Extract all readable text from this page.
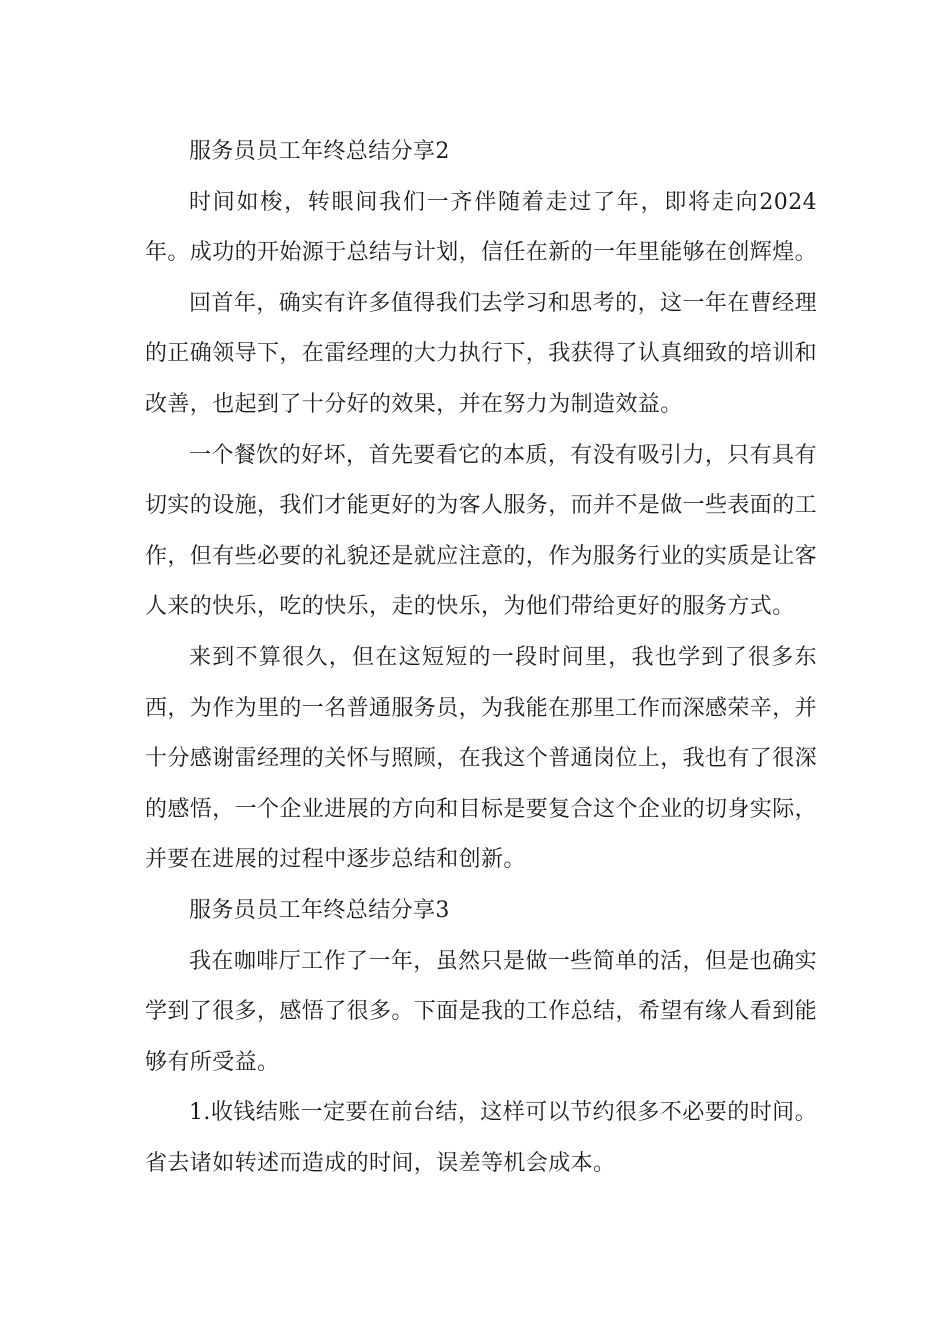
服务员员工年终总结分享2

时间如梭，转眼间我们一齐伴随着走过了年，即将走向2024年。成功的开始源于总结与计划，信任在新的一年里能够在创辉煌。

回首年，确实有许多值得我们去学习和思考的，这一年在曹经理的正确领导下，在雷经理的大力执行下，我获得了认真细致的培训和改善，也起到了十分好的效果，并在努力为制造效益。

一个餐饮的好坏，首先要看它的本质，有没有吸引力，只有具有切实的设施，我们才能更好的为客人服务，而并不是做一些表面的工作，但有些必要的礼貌还是就应注意的，作为服务行业的实质是让客人来的快乐，吃的快乐，走的快乐，为他们带给更好的服务方式。

来到不算很久，但在这短短的一段时间里，我也学到了很多东西，为作为里的一名普通服务员，为我能在那里工作而深感荣辛，并十分感谢雷经理的关怀与照顾，在我这个普通岗位上，我也有了很深的感悟，一个企业进展的方向和目标是要复合这个企业的切身实际，并要在进展的过程中逐步总结和创新。

服务员员工年终总结分享3

我在咖啡厅工作了一年，虽然只是做一些简单的活，但是也确实学到了很多，感悟了很多。下面是我的工作总结，希望有缘人看到能够有所受益。

1.收钱结账一定要在前台结，这样可以节约很多不必要的时间。省去诸如转述而造成的时间，误差等机会成本。
